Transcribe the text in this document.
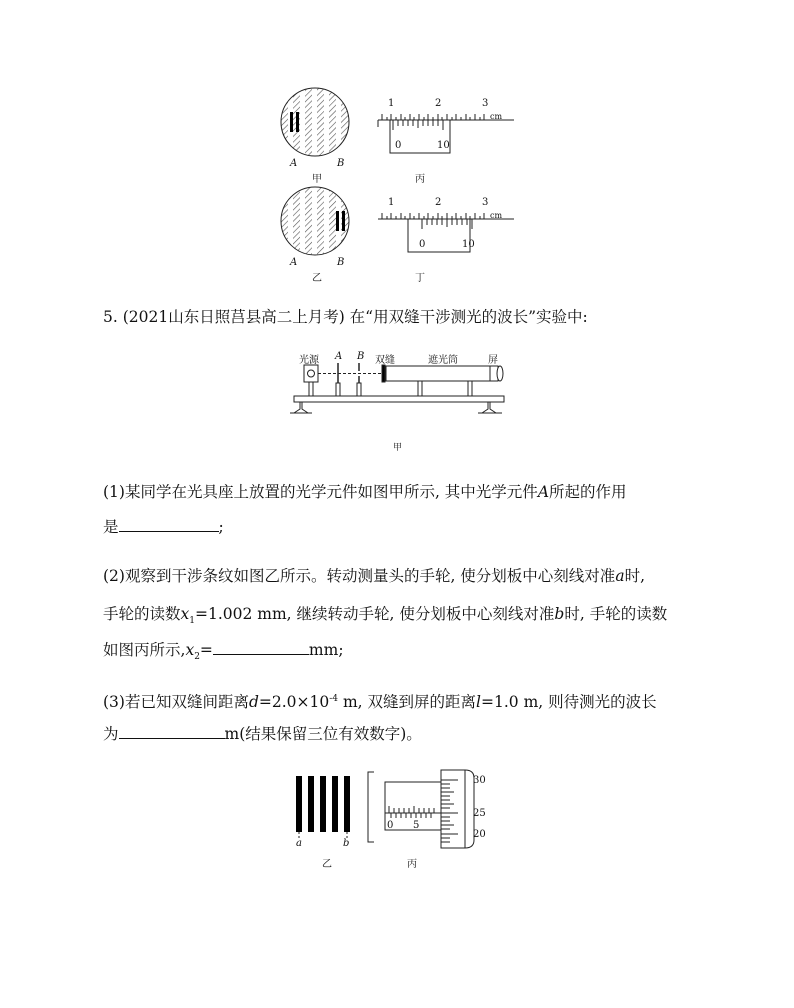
A	B
甲
A	B
乙
1	2	3
cm
0	10
丙
1	2	3
cm
0	10
丁
5. (2021山东日照莒县高二上月考) 在“用双缝干涉测光的波长”实验中:
光源 A B 双缝	遮光筒	屏
甲
(1)某同学在光具座上放置的光学元件如图甲所示, 其中光学元件A所起的作用
是	;
(2)观察到干涉条纹如图乙所示。转动测量头的手轮, 使分划板中心刻线对准a时,
手轮的读数$x_1=1.002$ mm, 继续转动手轮, 使分划板中心刻线对准b时, 手轮的读数
如图丙所示$,x_2=$	mm;
(3)若已知双缝间距离$d=2.0\times 10^{-4}$ m, 双缝到屏的距离l=1.0 m, 则待测光的波长
为	m(结果保留三位有效数字)。
a	b
乙
0 5
30
25
20
丙
